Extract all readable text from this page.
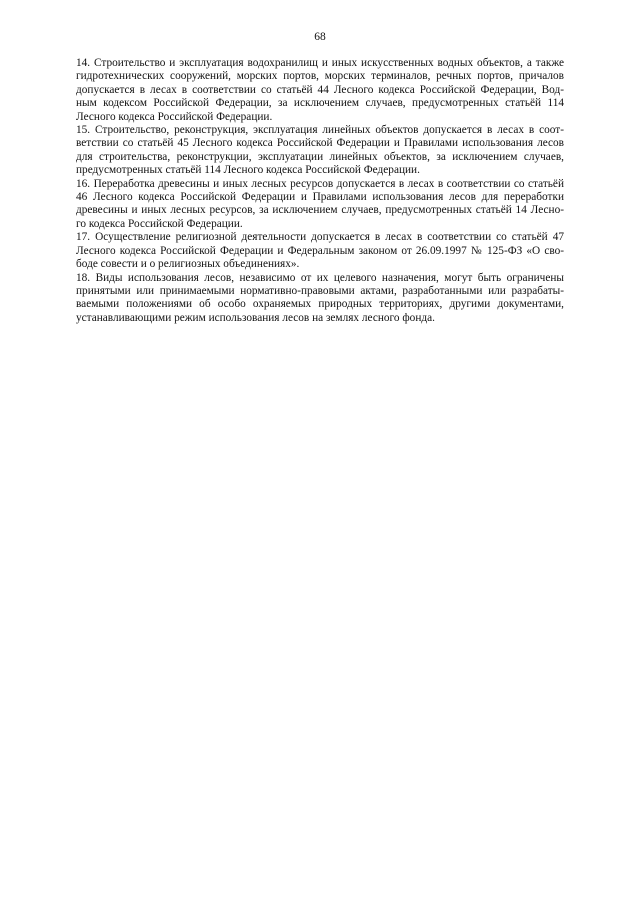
68
14. Строительство и эксплуатация водохранилищ и иных искусственных водных объектов, а также
гидротехнических сооружений, морских портов, морских терминалов, речных портов, причалов
допускается в лесах в соответствии со статьёй 44 Лесного кодекса Российской Федерации, Вод-
ным кодексом Российской Федерации, за исключением случаев, предусмотренных статьёй 114
Лесного кодекса Российской Федерации.
15. Строительство, реконструкция, эксплуатация линейных объектов допускается в лесах в соот-
ветствии со статьёй 45 Лесного кодекса Российской Федерации и Правилами использования лесов
для строительства, реконструкции, эксплуатации линейных объектов, за исключением случаев,
предусмотренных статьёй 114 Лесного кодекса Российской Федерации.
16. Переработка древесины и иных лесных ресурсов допускается в лесах в соответствии со статьёй
46 Лесного кодекса Российской Федерации и Правилами использования лесов для переработки
древесины и иных лесных ресурсов, за исключением случаев, предусмотренных статьёй 14 Лесно-
го кодекса Российской Федерации.
17. Осуществление религиозной деятельности допускается в лесах в соответствии со статьёй 47
Лесного кодекса Российской Федерации и Федеральным законом от 26.09.1997 № 125-ФЗ «О сво-
боде совести и о религиозных объединениях».
18. Виды использования лесов, независимо от их целевого назначения, могут быть ограничены
принятыми или принимаемыми нормативно-правовыми актами, разработанными или разрабаты-
ваемыми положениями об особо охраняемых природных территориях, другими документами,
устанавливающими режим использования лесов на землях лесного фонда.
